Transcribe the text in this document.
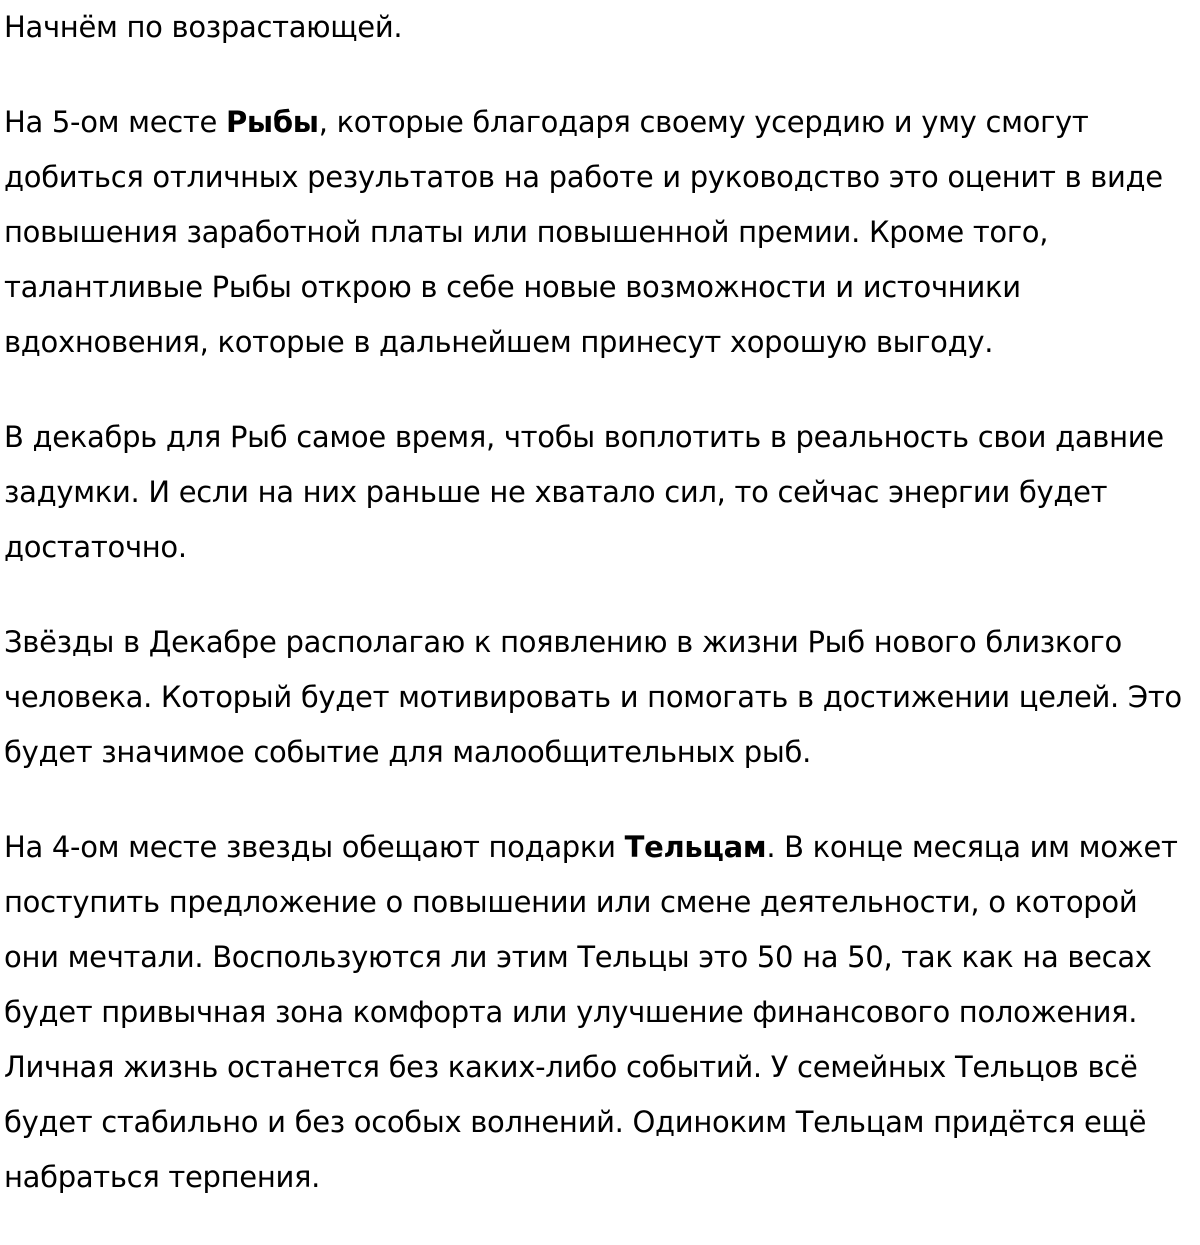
Начнём по возрастающей.

На 5-ом месте Рыбы, которые благодаря своему усердию и уму смогут добиться отличных результатов на работе и руководство это оценит в виде повышения заработной платы или повышенной премии. Кроме того, талантливые Рыбы открою в себе новые возможности и источники вдохновения, которые в дальнейшем принесут хорошую выгоду.

В декабрь для Рыб самое время, чтобы воплотить в реальность свои давние задумки. И если на них раньше не хватало сил, то сейчас энергии будет достаточно.

Звёзды в Декабре располагаю к появлению в жизни Рыб нового близкого человека. Который будет мотивировать и помогать в достижении целей. Это будет значимое событие для малообщительных рыб.

На 4-ом месте звезды обещают подарки Тельцам. В конце месяца им может поступить предложение о повышении или смене деятельности, о которой они мечтали. Воспользуются ли этим Тельцы это 50 на 50, так как на весах будет привычная зона комфорта или улучшение финансового положения. Личная жизнь останется без каких-либо событий. У семейных Тельцов всё будет стабильно и без особых волнений. Одиноким Тельцам придётся ещё набраться терпения.
